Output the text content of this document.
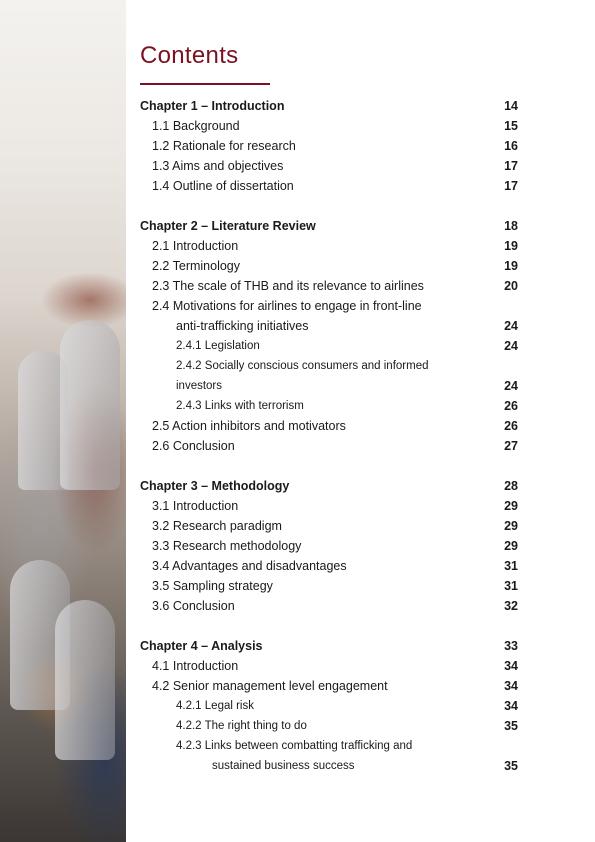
Contents
Chapter 1 – Introduction	14
1.1 Background	15
1.2 Rationale for research	16
1.3 Aims and objectives	17
1.4 Outline of dissertation	17
Chapter 2 – Literature Review	18
2.1 Introduction	19
2.2 Terminology	19
2.3 The scale of THB and its relevance to airlines	20
2.4 Motivations for airlines to engage in front-line
anti-trafficking initiatives	24
2.4.1 Legislation	24
2.4.2 Socially conscious consumers and informed
investors	24
2.4.3 Links with terrorism	26
2.5 Action inhibitors and motivators	26
2.6 Conclusion	27
Chapter 3 – Methodology	28
3.1 Introduction	29
3.2 Research paradigm	29
3.3 Research methodology	29
3.4 Advantages and disadvantages	31
3.5 Sampling strategy	31
3.6 Conclusion	32
Chapter 4 – Analysis	33
4.1 Introduction	34
4.2 Senior management level engagement	34
4.2.1 Legal risk	34
4.2.2 The right thing to do	35
4.2.3 Links between combatting trafficking and
sustained business success	35
